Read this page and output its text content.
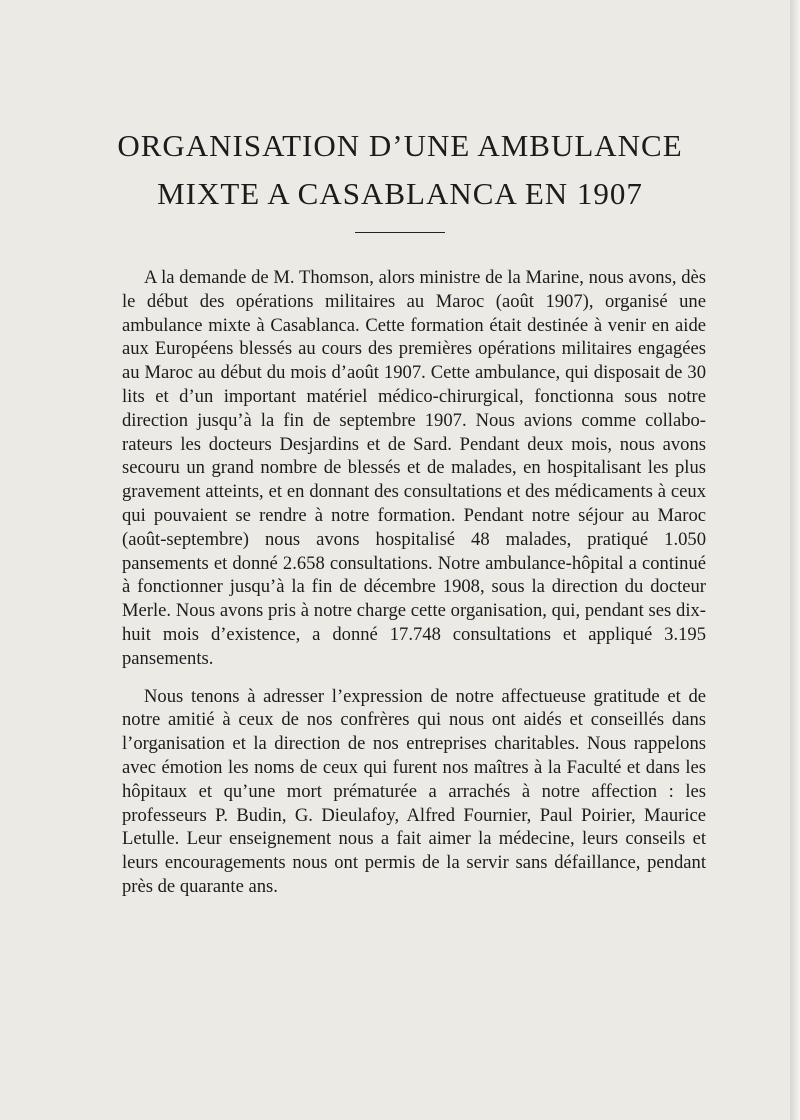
ORGANISATION D’UNE AMBULANCE
MIXTE A CASABLANCA EN 1907

A la demande de M. Thomson, alors ministre de la Marine, nous avons, dès le début des opérations militaires au Maroc (août 1907), organisé une ambulance mixte à Casablanca. Cette formation était destinée à venir en aide aux Européens blessés au cours des premières opérations militaires engagées au Maroc au début du mois d’août 1907. Cette ambulance, qui disposait de 30 lits et d’un important matériel médico-chirurgical, fonctionna sous notre direction jusqu’à la fin de septembre 1907. Nous avions comme collaborateurs les docteurs Desjardins et de Sard. Pendant deux mois, nous avons secouru un grand nombre de blessés et de malades, en hospitalisant les plus gravement atteints, et en donnant des consultations et des médicaments à ceux qui pouvaient se rendre à notre formation. Pendant notre séjour au Maroc (août-septembre) nous avons hospitalisé 48 malades, pratiqué 1.050 pansements et donné 2.658 consultations. Notre ambulance-hôpital a continué à fonctionner jusqu’à la fin de décembre 1908, sous la direction du docteur Merle. Nous avons pris à notre charge cette organisation, qui, pendant ses dix-huit mois d’existence, a donné 17.748 consultations et appliqué 3.195 pansements.

Nous tenons à adresser l’expression de notre affectueuse gratitude et de notre amitié à ceux de nos confrères qui nous ont aidés et conseillés dans l’organisation et la direction de nos entreprises charitables. Nous rappelons avec émotion les noms de ceux qui furent nos maîtres à la Faculté et dans les hôpitaux et qu’une mort prématurée a arrachés à notre affection : les professeurs P. Budin, G. Dieulafoy, Alfred Fournier, Paul Poirier, Maurice Letulle. Leur enseignement nous a fait aimer la médecine, leurs conseils et leurs encouragements nous ont permis de la servir sans défaillance, pendant près de quarante ans.
